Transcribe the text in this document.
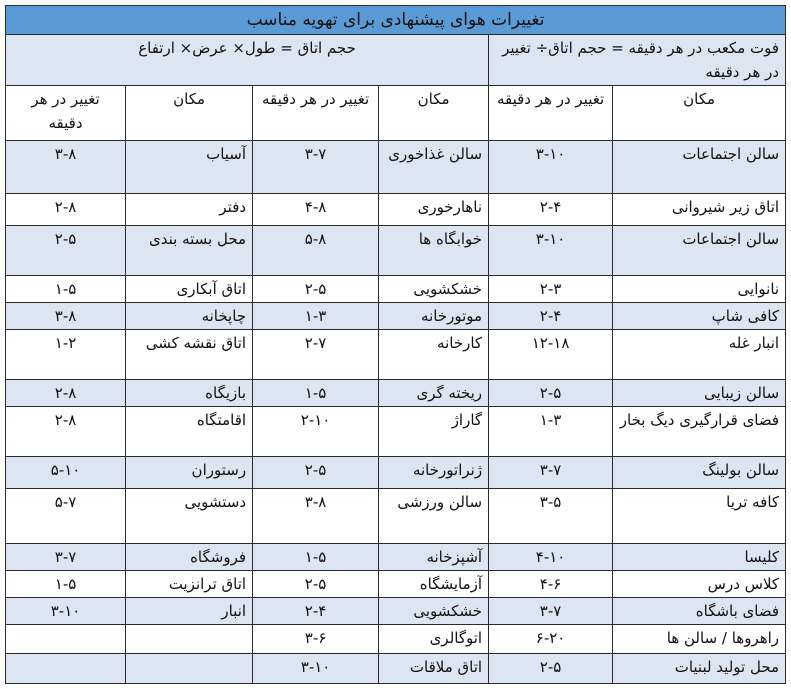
تغییرات هوای پیشنهادی برای تهویه مناسب					
فوت مکعب در هر دقیقه = حجم اتاق÷ تغییر در هر دقیقه		حجم اتاق = طول× عرض× ارتفاع			
مکان	تغییر در هر دقیقه	مکان	تغییر در هر دقیقه	مکان	تغییر در هر دقیقه
سالن اجتماعات	۳-۱۰	سالن غذاخوری	۳-۷	آسیاب	۳-۸
اتاق زیر شیروانی	۲-۴	ناهارخوری	۴-۸	دفتر	۲-۸
سالن اجتماعات	۳-۱۰	خوابگاه ها	۵-۸	محل بسته بندی	۲-۵
نانوایی	۲-۳	خشکشویی	۲-۵	اتاق آبکاری	۱-۵
کافی شاپ	۲-۴	موتورخانه	۱-۳	چاپخانه	۳-۸
انبار غله	۱۲-۱۸	کارخانه	۲-۷	اتاق نقشه کشی	۱-۲
سالن زیبایی	۲-۵	ریخته گری	۱-۵	بازیگاه	۲-۸
فضای قرارگیری دیگ بخار	۱-۳	گاراژ	۲-۱۰	اقامتگاه	۲-۸
سالن بولینگ	۳-۷	ژنراتورخانه	۲-۵	رستوران	۵-۱۰
کافه تریا	۳-۵	سالن ورزشی	۳-۸	دستشویی	۵-۷
کلیسا	۴-۱۰	آشپزخانه	۱-۵	فروشگاه	۳-۷
کلاس درس	۴-۶	آزمایشگاه	۲-۵	اتاق ترانزیت	۱-۵
فضای باشگاه	۳-۷	خشکشویی	۲-۴	انبار	۳-۱۰
راهروها / سالن ها	۶-۲۰	اتوگالری	۳-۶		
محل تولید لبنیات	۲-۵	اتاق ملاقات	۳-۱۰		
